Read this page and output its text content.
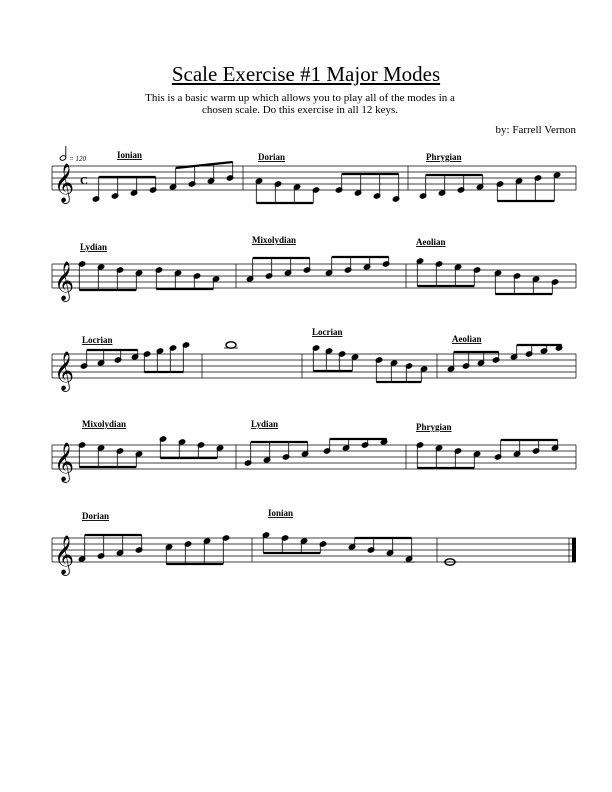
Scale Exercise #1 Major Modes
This is a basic warm up which allows you to play all of the modes in a chosen scale. Do this exercise in all 12 keys.
by: Farrell Vernon
= 120
𝄞 C
Ionian	Dorian	Phrygian
𝄞
Lydian
Mixolydian	Aeolian
𝄞
Locrian
Locrian
Aeolian
𝄞
Mixolydian	Lydian	Phrygian
𝄞
Dorian	Ionian
